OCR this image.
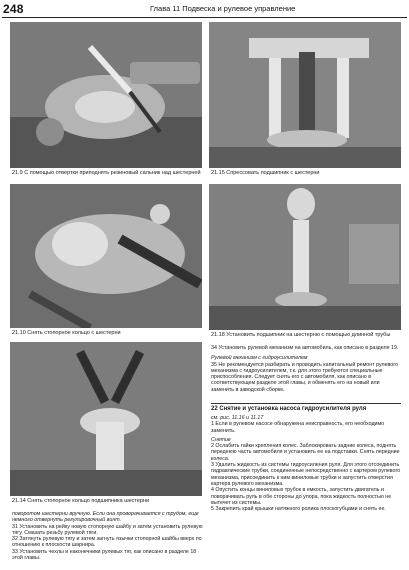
248	Глава 11 Подвеска и рулевое управление
21.9 С помощью отвертки приподнять резиновый сальник над шестерней 21.15 Спрессовать подшипник с шестерни
21.10 Снять стопорное кольцо с шестерни	21.18 Установить подшипник на шестерню с помощью длинной трубы
21.14 Снять стопорное кольцо подшипника шестерни

поворотом шестерни вручную. Если она проворачивается с трудом, еще немного отвернуть регулировочный винт.

31 Установить на рейку новую стопорную шайбу и затем установить рулевую тягу. Смазать резьбу рулевой тяги.

32 Затянуть рулевую тягу и затем загнуть язычки стопорной шайбы вверх по отношению к плоскости шарнира.

33 Установить чехлы и наконечники рулевых тяг, как описано в разделе 18 этой главы.

34 Установить рулевой механизм на автомобиль, как описано в разделе 19.

Рулевой механизм с гидроусилителем

35 Не рекомендуется разбирать и проводить капитальный ремонт рулевого механизма с гидроусилителем, т.к. для этого требуются специальные приспособления. Следует снять его с автомобиля, как описано в соответствующем разделе этой главы, и обменять его на новый или заменить в заводской сборке.

22 Снятие и установка насоса гидроусилителя руля

см. рис. 11.16 и 11.17

1 Если в рулевом насосе обнаружена неисправность, его необходимо заменить.

Снятие

2 Ослабить гайки крепления колес. Заблокировать задние колеса, поднять переднюю часть автомобиля и установить ее на подставки. Снять передние колеса.

3 Удалить жидкость из системы гидроусиления руля. Для этого отсоединить гидравлические трубки, соединенные непосредственно с картером рулевого механизма, присоединить к ним виниловые трубки и запустить отверстия картера рулевого механизма.

4 Опустить концы виниловых трубок в емкость, запустить двигатель и поворачивать руль в обе стороны до упора, пока жидкость полностью не вытечет из системы.

5 Закрепить край крышки натяжного ролика плоскогубцами и снять ее.
